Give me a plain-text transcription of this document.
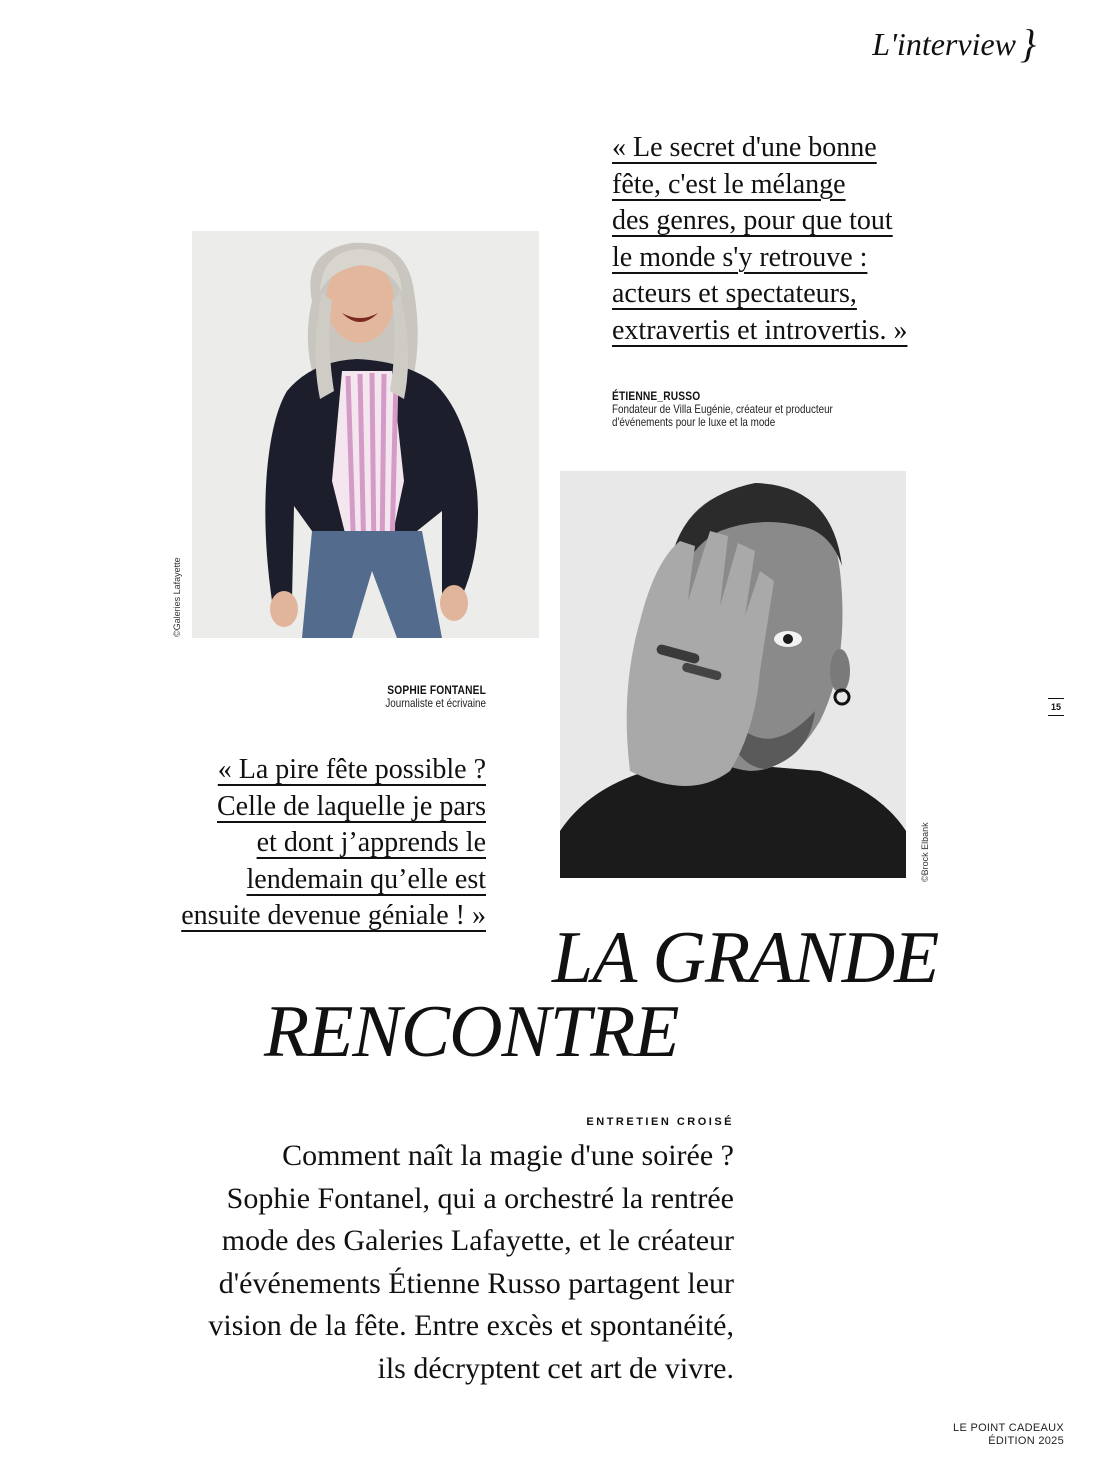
L'interview }
« Le secret d'une bonne
fête, c'est le mélange
des genres, pour que tout
le monde s'y retrouve :
acteurs et spectateurs,
extravertis et introvertis. »
ÉTIENNE_RUSSO
Fondateur de Villa Eugénie, créateur et producteur
d'événements pour le luxe et la mode
©Galeries Lafayette
©Brock Elbank
SOPHIE FONTANEL
Journaliste et écrivaine
« La pire fête possible ?
Celle de laquelle je pars
et dont j’apprends le
lendemain qu’elle est
ensuite devenue géniale ! »
15
LA GRANDE
RENCONTRE
ENTRETIEN CROISÉ
Comment naît la magie d'une soirée ?
Sophie Fontanel, qui a orchestré la rentrée
mode des Galeries Lafayette, et le créateur
d'événements Étienne Russo partagent leur
vision de la fête. Entre excès et spontanéité,
ils décryptent cet art de vivre.
LE POINT CADEAUX
ÉDITION 2025
